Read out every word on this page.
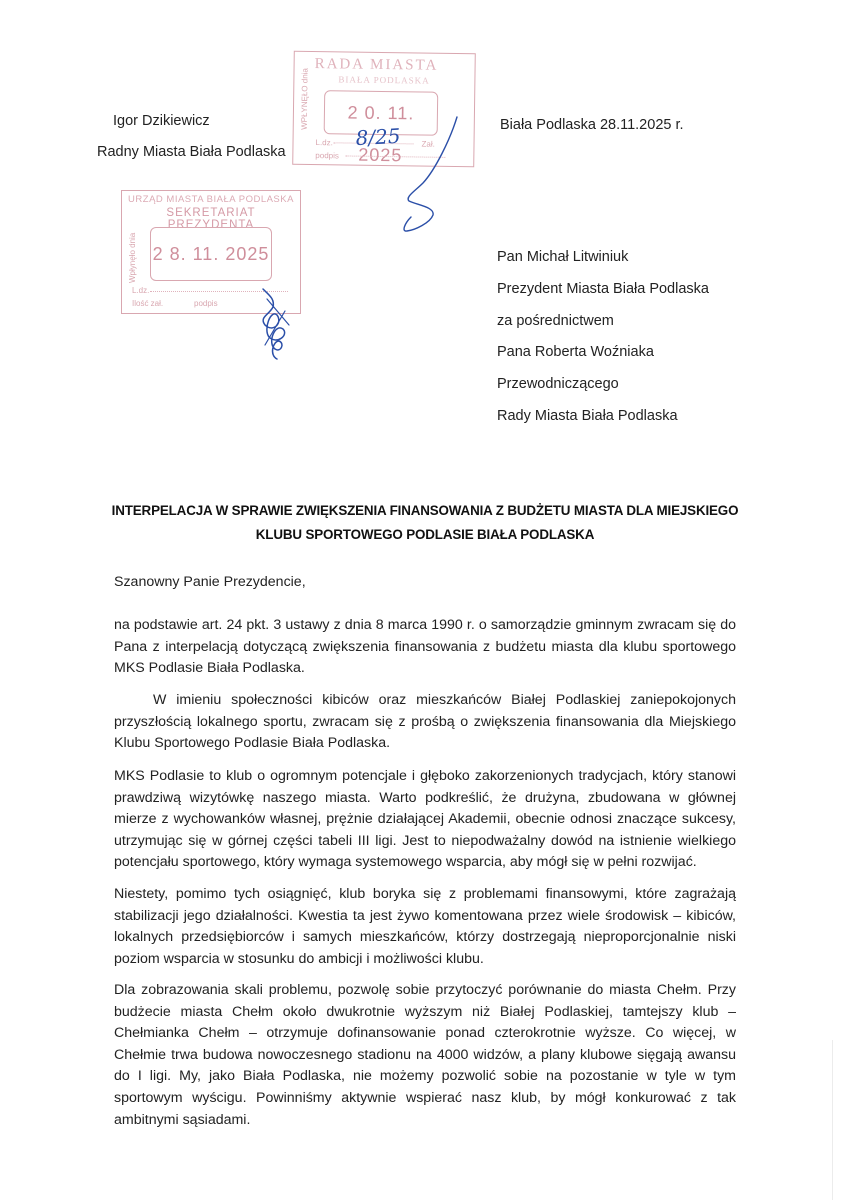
Igor Dzikiewicz
Radny Miasta Biała Podlaska
RADA MIASTA
BIAŁA PODLASKA
WPŁYNĘŁO dnia	2 0. 11. 2025
L.dz.	Zał.
podpis
8/25	Biała Podlaska 28.11.2025 r.
URZĄD MIASTA BIAŁA PODLASKA
SEKRETARIAT PREZYDENTA
Wpłynęło dnia 2 8. 11. 2025
L.dz.
Ilość zał.	podpis
Pan Michał Litwiniuk
Prezydent Miasta Biała Podlaska
za pośrednictwem
Pana Roberta Woźniaka
Przewodniczącego
Rady Miasta Biała Podlaska
INTERPELACJA W SPRAWIE ZWIĘKSZENIA FINANSOWANIA Z BUDŻETU MIASTA DLA MIEJSKIEGO
KLUBU SPORTOWEGO PODLASIE BIAŁA PODLASKA
Szanowny Panie Prezydencie,
na podstawie art. 24 pkt. 3 ustawy z dnia 8 marca 1990 r. o samorządzie gminnym zwracam się do Pana z interpelacją dotyczącą zwiększenia finansowania z budżetu miasta dla klubu sportowego MKS Podlasie Biała Podlaska.
W imieniu społeczności kibiców oraz mieszkańców Białej Podlaskiej zaniepokojonych przyszłością lokalnego sportu, zwracam się z prośbą o zwiększenia finansowania dla Miejskiego Klubu Sportowego Podlasie Biała Podlaska.
MKS Podlasie to klub o ogromnym potencjale i głęboko zakorzenionych tradycjach, który stanowi prawdziwą wizytówkę naszego miasta. Warto podkreślić, że drużyna, zbudowana w głównej mierze z wychowanków własnej, prężnie działającej Akademii, obecnie odnosi znaczące sukcesy, utrzymując się w górnej części tabeli III ligi. Jest to niepodważalny dowód na istnienie wielkiego potencjału sportowego, który wymaga systemowego wsparcia, aby mógł się w pełni rozwijać.
Niestety, pomimo tych osiągnięć, klub boryka się z problemami finansowymi, które zagrażają stabilizacji jego działalności. Kwestia ta jest żywo komentowana przez wiele środowisk – kibiców, lokalnych przedsiębiorców i samych mieszkańców, którzy dostrzegają nieproporcjonalnie niski poziom wsparcia w stosunku do ambicji i możliwości klubu.
Dla zobrazowania skali problemu, pozwolę sobie przytoczyć porównanie do miasta Chełm. Przy budżecie miasta Chełm około dwukrotnie wyższym niż Białej Podlaskiej, tamtejszy klub – Chełmianka Chełm – otrzymuje dofinansowanie ponad czterokrotnie wyższe. Co więcej, w Chełmie trwa budowa nowoczesnego stadionu na 4000 widzów, a plany klubowe sięgają awansu do I ligi. My, jako Biała Podlaska, nie możemy pozwolić sobie na pozostanie w tyle w tym sportowym wyścigu. Powinniśmy aktywnie wspierać nasz klub, by mógł konkurować z tak ambitnymi sąsiadami.
